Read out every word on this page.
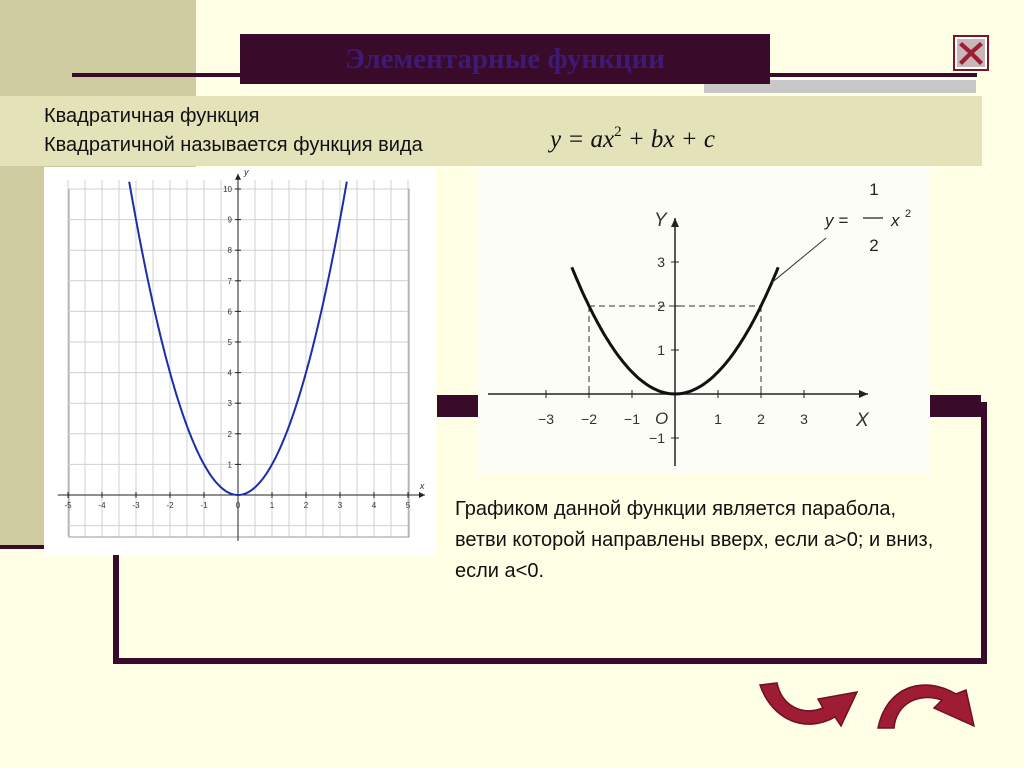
Элементарные функции
Квадратичная функция
Квадратичной называется функция вида	$y = ax^2$ + bx + c
x
y
-5	-4	-3	-2	-1	0	1	2	3	4	5
1
2
3
4
5
6
7
8
9
10
X
Y
O
−3 −2 −1	1	2	3
−1
1
2
3
y =
1
2
x 2
Графиком данной функции является парабола, ветви которой направлены вверх, если a>0; и вниз, если a<0.
